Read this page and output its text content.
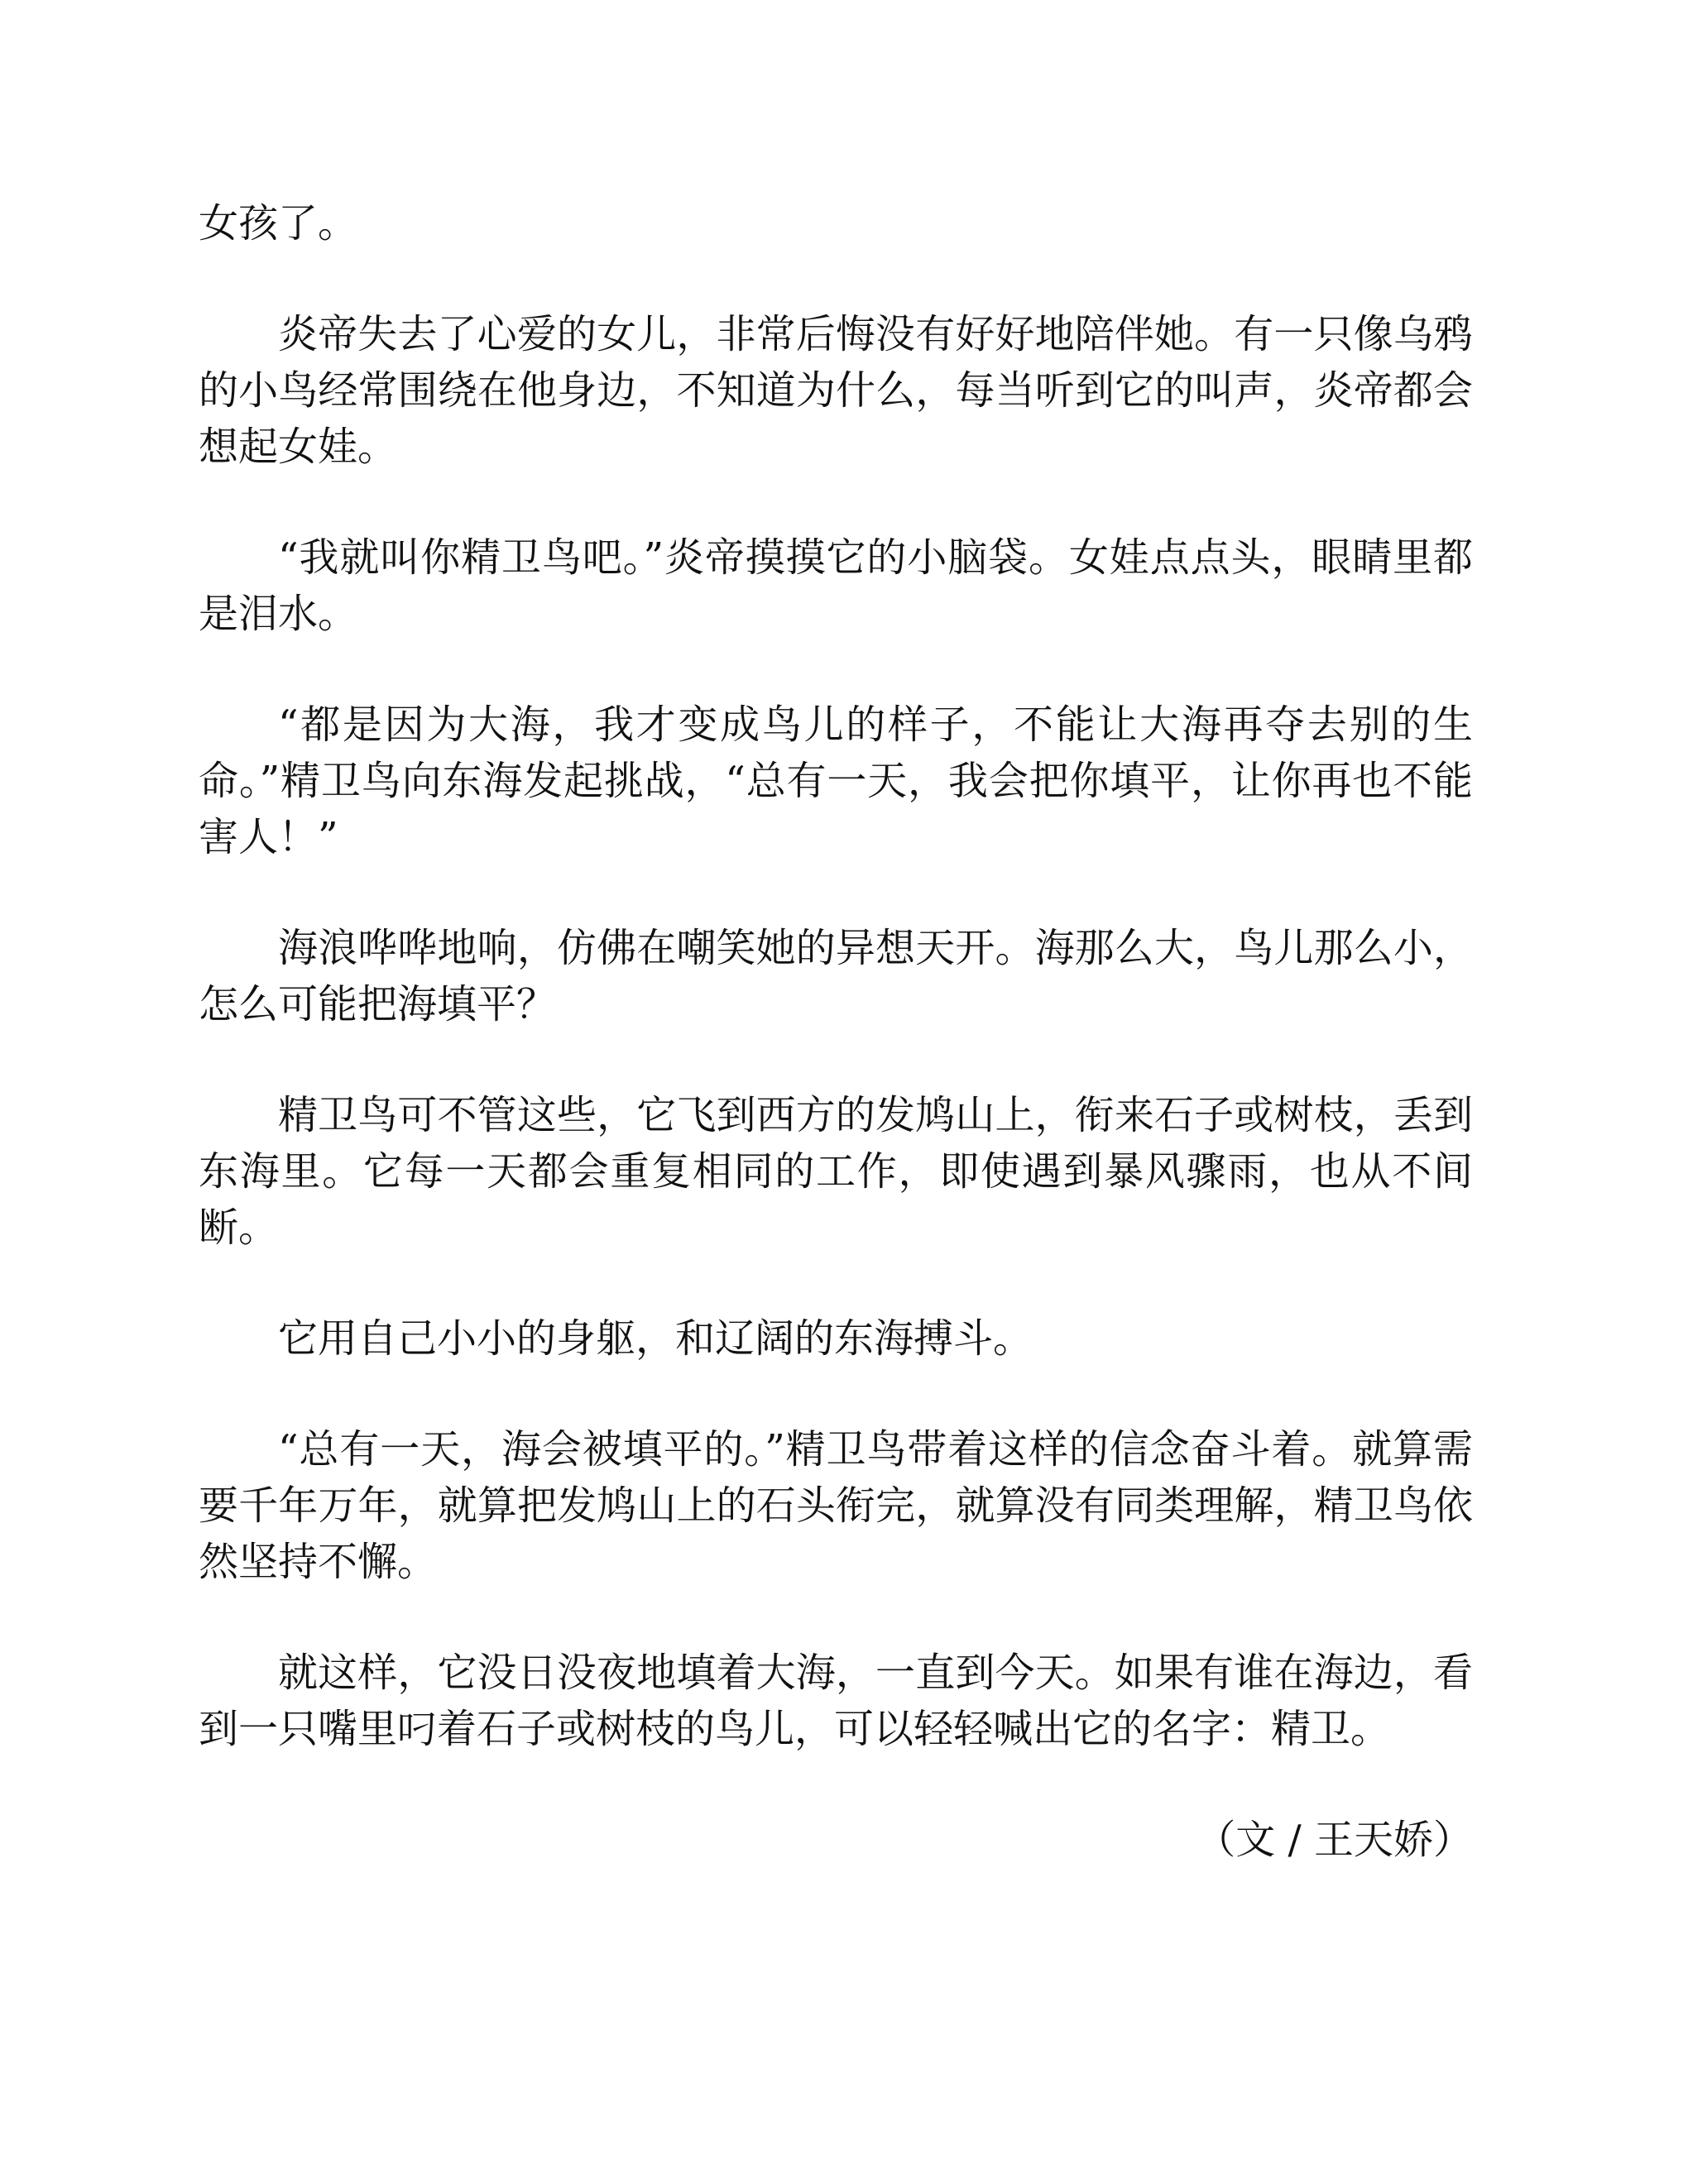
女孩了。

炎帝失去了心爱的女儿，非常后悔没有好好地陪伴她。有一只像乌鸦的小鸟经常围绕在他身边，不知道为什么，每当听到它的叫声，炎帝都会想起女娃。

“我就叫你精卫鸟吧。”炎帝摸摸它的小脑袋。女娃点点头，眼睛里都是泪水。

“都是因为大海，我才变成鸟儿的样子，不能让大海再夺去别的生命。”精卫鸟向东海发起挑战，“总有一天，我会把你填平，让你再也不能害人！”

海浪哗哗地响，仿佛在嘲笑她的异想天开。海那么大，鸟儿那么小，怎么可能把海填平？

精卫鸟可不管这些，它飞到西方的发鸠山上，衔来石子或树枝，丢到东海里。它每一天都会重复相同的工作，即使遇到暴风骤雨，也从不间断。

它用自己小小的身躯，和辽阔的东海搏斗。

“总有一天，海会被填平的。”精卫鸟带着这样的信念奋斗着。就算需要千年万年，就算把发鸠山上的石头衔完，就算没有同类理解，精卫鸟依然坚持不懈。

就这样，它没日没夜地填着大海，一直到今天。如果有谁在海边，看到一只嘴里叼着石子或树枝的鸟儿，可以轻轻喊出它的名字：精卫。

（文 / 王天娇）
